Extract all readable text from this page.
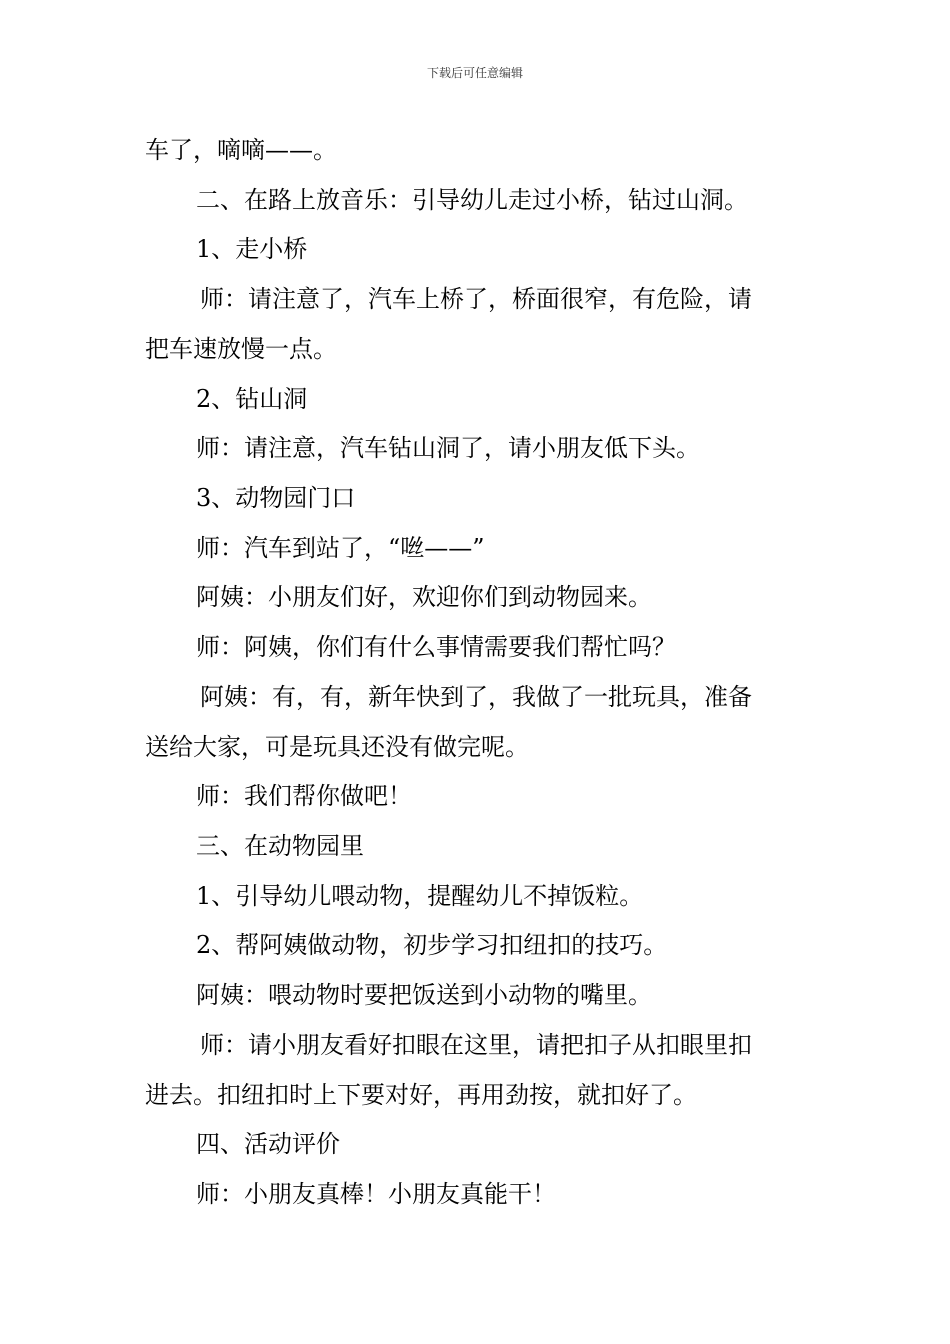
下载后可任意编辑
车了，嘀嘀——。
二、在路上放音乐：引导幼儿走过小桥，钻过山洞。
1、走小桥
师：请注意了，汽车上桥了，桥面很窄，有危险，请
把车速放慢一点。
2、钻山洞
师：请注意，汽车钻山洞了，请小朋友低下头。
3、动物园门口
师：汽车到站了，“咝——”
阿姨：小朋友们好，欢迎你们到动物园来。
师：阿姨，你们有什么事情需要我们帮忙吗？
阿姨：有，有，新年快到了，我做了一批玩具，准备
送给大家，可是玩具还没有做完呢。
师：我们帮你做吧！
三、在动物园里
1、引导幼儿喂动物，提醒幼儿不掉饭粒。
2、帮阿姨做动物，初步学习扣纽扣的技巧。
阿姨：喂动物时要把饭送到小动物的嘴里。
师：请小朋友看好扣眼在这里，请把扣子从扣眼里扣
进去。扣纽扣时上下要对好，再用劲按，就扣好了。
四、活动评价
师：小朋友真棒！小朋友真能干！
